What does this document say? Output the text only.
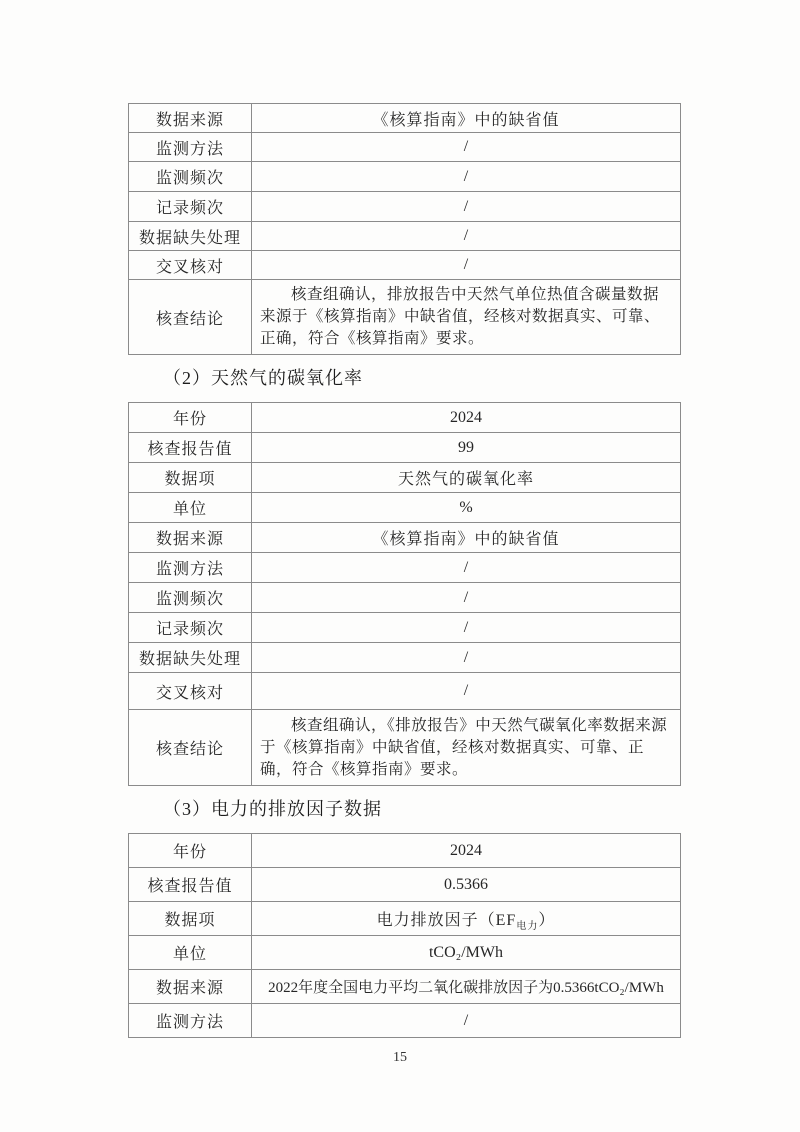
数据来源	《核算指南》中的缺省值
监测方法	/
监测频次	/
记录频次	/
数据缺失处理	/
交叉核对	/
核查结论	核查组确认，排放报告中天然气单位热值含碳量数据来源于《核算指南》中缺省值，经核对数据真实、可靠、正确，符合《核算指南》要求。
（2）天然气的碳氧化率
年份	2024
核查报告值	99
数据项	天然气的碳氧化率
单位	%
数据来源	《核算指南》中的缺省值
监测方法	/
监测频次	/
记录频次	/
数据缺失处理	/
交叉核对	/
核查结论	核查组确认，《排放报告》中天然气碳氧化率数据来源于《核算指南》中缺省值，经核对数据真实、可靠、正确，符合《核算指南》要求。
（3）电力的排放因子数据
年份	2024
核查报告值	0.5366
数据项	电力排放因子$(EF_{电力})$
单位	tCO₂/MWh
数据来源	2022年度全国电力平均二氧化碳排放因子为0.5366tCO₂/MWh
监测方法	/
15
